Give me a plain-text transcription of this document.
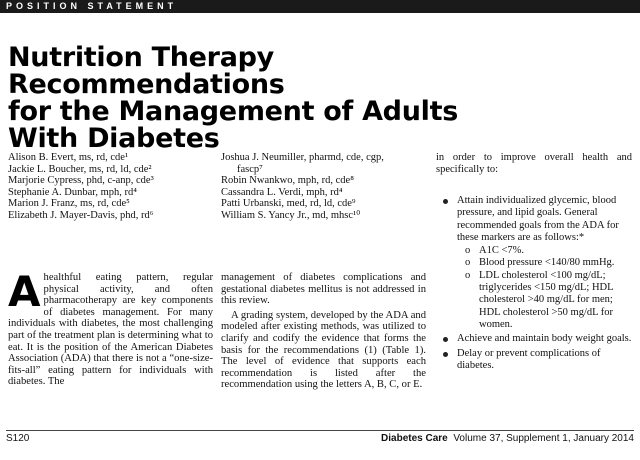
POSITION STATEMENT
Nutrition Therapy Recommendations
for the Management of Adults
With Diabetes
Alison B. Evert, ms, rd, cde¹
Jackie L. Boucher, ms, rd, ld, cde²
Marjorie Cypress, phd, c-anp, cde³
Stephanie A. Dunbar, mph, rd⁴
Marion J. Franz, ms, rd, cde⁵
Elizabeth J. Mayer-Davis, phd, rd⁶
Joshua J. Neumiller, pharmd, cde, cgp,
fascp⁷
Robin Nwankwo, mph, rd, cde⁸
Cassandra L. Verdi, mph, rd⁴
Patti Urbanski, med, rd, ld, cde⁹
William S. Yancy Jr., md, mhsc¹⁰
in order to improve overall health and specifically to:
Attain individualized glycemic, blood pressure, and lipid goals. General recommended goals from the ADA for these markers are as follows:*
o A1C <7%.
o Blood pressure <140/80 mmHg.
o LDL cholesterol <100 mg/dL; triglycerides <150 mg/dL; HDL cholesterol >40 mg/dL for men; HDL cholesterol >50 mg/dL for women.
Achieve and maintain body weight goals.
Delay or prevent complications of diabetes.
A healthful eating pattern, regular physical activity, and often pharmacotherapy are key components of diabetes management. For many individuals with diabetes, the most challenging part of the treatment plan is determining what to eat. It is the position of the American Diabetes Association (ADA) that there is not a “one-size-fits-all” eating pattern for individuals with diabetes. The

management of diabetes complications and gestational diabetes mellitus is not addressed in this review.

A grading system, developed by the ADA and modeled after existing methods, was utilized to clarify and codify the evidence that forms the basis for the recommendations (1) (Table 1). The level of evidence that supports each recommendation is listed after the recommendation using the letters A, B, C, or E.

S120	Diabetes Care Volume 37, Supplement 1, January 2014
